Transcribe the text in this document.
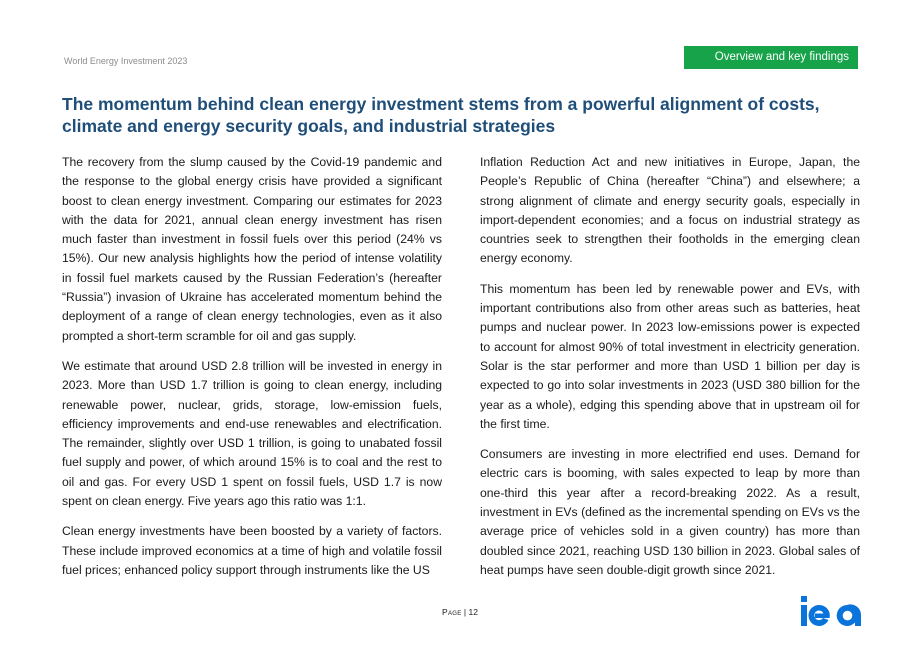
World Energy Investment 2023	Overview and key findings
The momentum behind clean energy investment stems from a powerful alignment of costs, climate and energy security goals, and industrial strategies

The recovery from the slump caused by the Covid-19 pandemic and the response to the global energy crisis have provided a significant boost to clean energy investment. Comparing our estimates for 2023 with the data for 2021, annual clean energy investment has risen much faster than investment in fossil fuels over this period (24% vs 15%). Our new analysis highlights how the period of intense volatility in fossil fuel markets caused by the Russian Federation’s (hereafter “Russia”) invasion of Ukraine has accelerated momentum behind the deployment of a range of clean energy technologies, even as it also prompted a short-term scramble for oil and gas supply.

We estimate that around USD 2.8 trillion will be invested in energy in 2023. More than USD 1.7 trillion is going to clean energy, including renewable power, nuclear, grids, storage, low-emission fuels, efficiency improvements and end-use renewables and electrification. The remainder, slightly over USD 1 trillion, is going to unabated fossil fuel supply and power, of which around 15% is to coal and the rest to oil and gas. For every USD 1 spent on fossil fuels, USD 1.7 is now spent on clean energy. Five years ago this ratio was 1:1.

Clean energy investments have been boosted by a variety of factors. These include improved economics at a time of high and volatile fossil fuel prices; enhanced policy support through instruments like the US

Inflation Reduction Act and new initiatives in Europe, Japan, the People’s Republic of China (hereafter “China”) and elsewhere; a strong alignment of climate and energy security goals, especially in import-dependent economies; and a focus on industrial strategy as countries seek to strengthen their footholds in the emerging clean energy economy.

This momentum has been led by renewable power and EVs, with important contributions also from other areas such as batteries, heat pumps and nuclear power. In 2023 low-emissions power is expected to account for almost 90% of total investment in electricity generation. Solar is the star performer and more than USD 1 billion per day is expected to go into solar investments in 2023 (USD 380 billion for the year as a whole), edging this spending above that in upstream oil for the first time.

Consumers are investing in more electrified end uses. Demand for electric cars is booming, with sales expected to leap by more than one-third this year after a record-breaking 2022. As a result, investment in EVs (defined as the incremental spending on EVs vs the average price of vehicles sold in a given country) has more than doubled since 2021, reaching USD 130 billion in 2023. Global sales of heat pumps have seen double-digit growth since 2021.

Page | 12
